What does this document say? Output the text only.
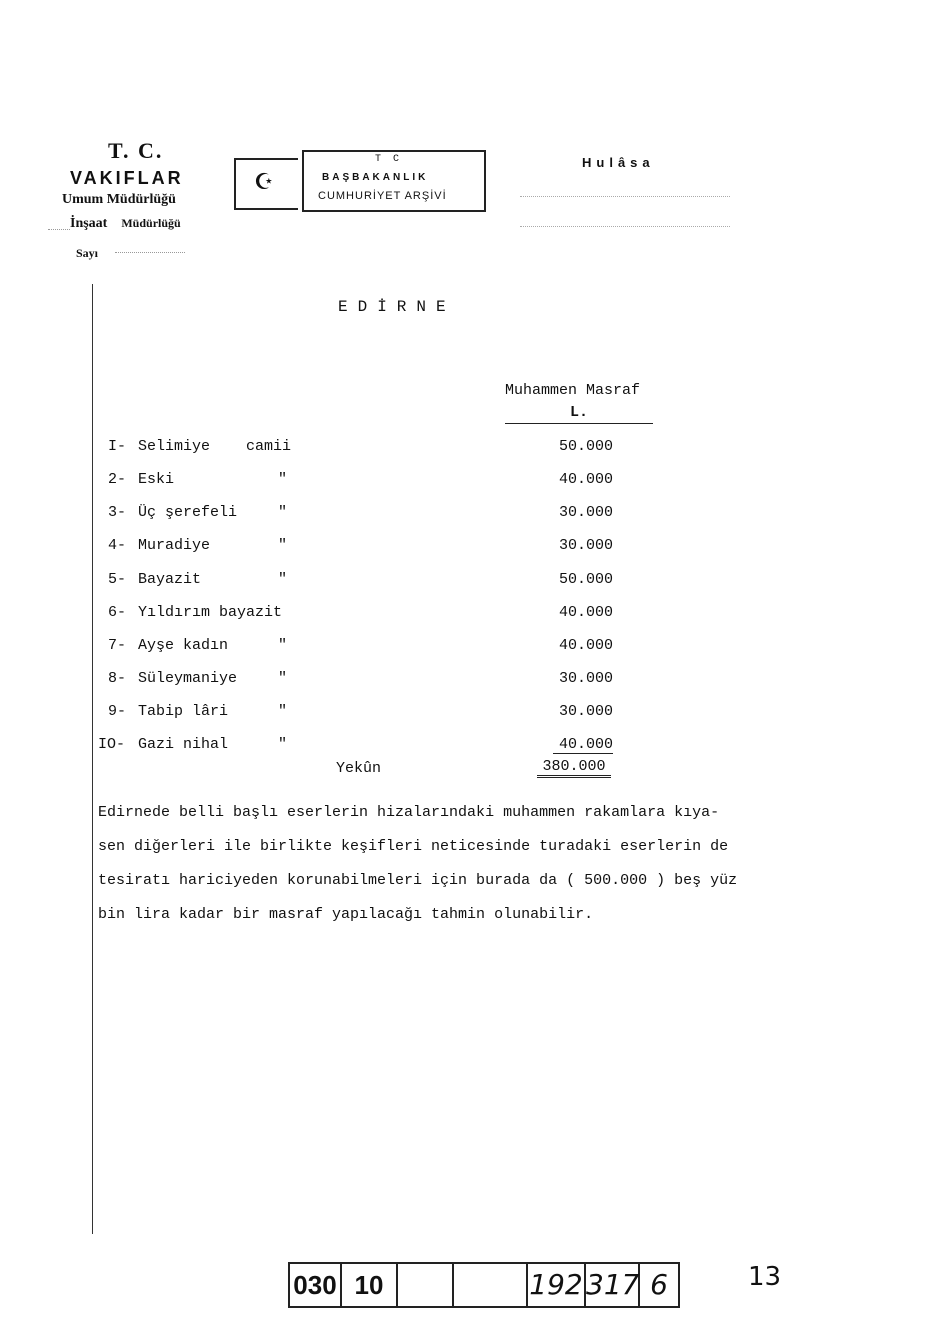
T. C.
VAKIFLAR
Umum Müdürlüğü
İnşaat Müdürlüğü
Sayı
☪
T C
BAŞBAKANLIK
CUMHURİYET ARŞİVİ
Hulâsa
EDİRNE
Muhammen Masraf
L.
I- Selimiye camii	50.000
2- Eski	"	40.000
3- Üç şerefeli	"	30.000
4- Muradiye	"	30.000
5- Bayazit	"	50.000
6- Yıldırım bayazit	40.000
7- Ayşe kadın	"	40.000
8- Süleymaniye	"	30.000
9- Tabip lâri	"	30.000
IO- Gazi nihal	"	40.000
Yekûn	380.000
Edirnede belli başlı eserlerin hizalarındaki muhammen rakamlara kıya-
sen diğerleri ile birlikte keşifleri neticesinde turadaki eserlerin de
tesiratı hariciyeden korunabilmeleri için burada da ( 500.000 ) beş yüz
bin lira kadar bir masraf yapılacağı tahmin olunabilir.
030 10	192 317 6	13
